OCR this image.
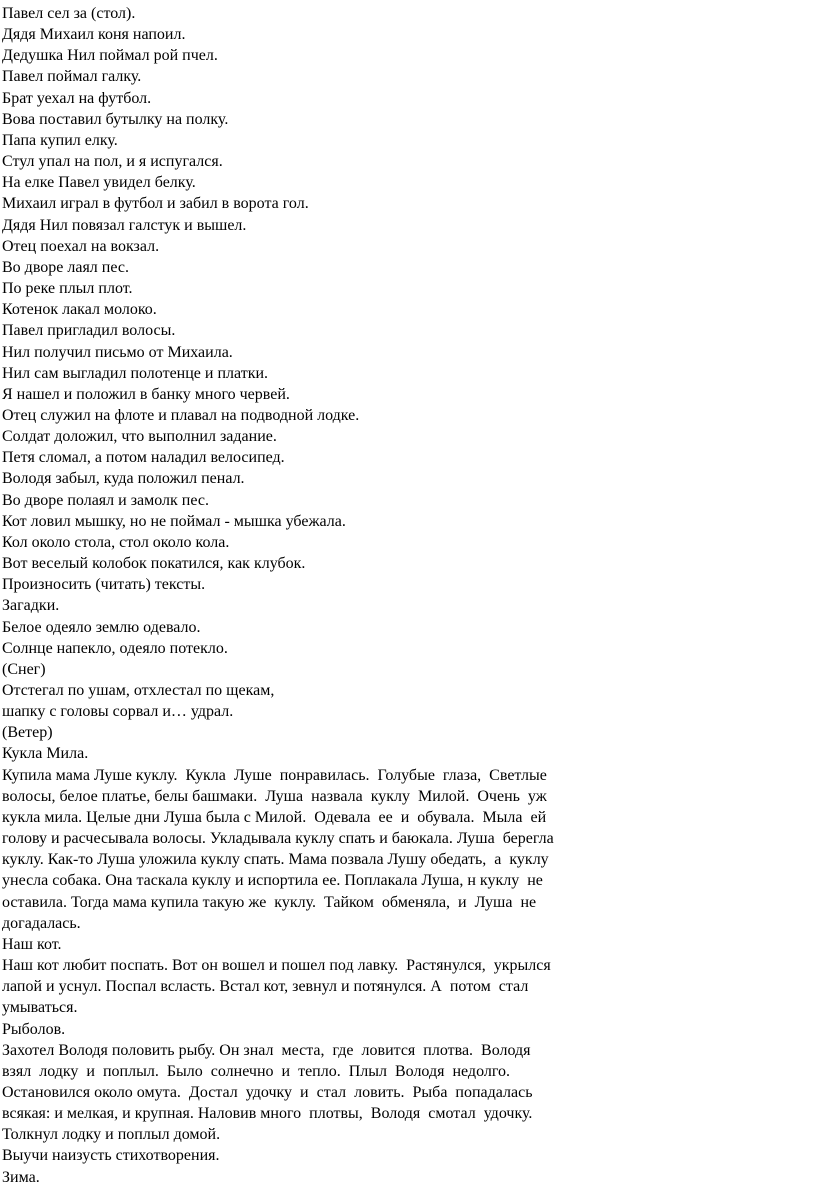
Павел сел за (стол).
Дядя Михаил коня напоил.
Дедушка Нил поймал рой пчел.
Павел поймал галку.
Брат уехал на футбол.
Вова поставил бутылку на полку.
Папа купил елку.
Стул упал на пол, и я испугался.
На елке Павел увидел белку.
Михаил играл в футбол и забил в ворота гол.
Дядя Нил повязал галстук и вышел.
Отец поехал на вокзал.
Во дворе лаял пес.
По реке плыл плот.
Котенок лакал молоко.
Павел пригладил волосы.
Нил получил письмо от Михаила.
Нил сам выгладил полотенце и платки.
Я нашел и положил в банку много червей.
Отец служил на флоте и плавал на подводной лодке.
Солдат доложил, что выполнил задание.
Петя сломал, а потом наладил велосипед.
Володя забыл, куда положил пенал.
Во дворе полаял и замолк пес.
Кот ловил мышку, но не поймал - мышка убежала.
Кол около стола, стол около кола.
Вот веселый колобок покатился, как клубок.
Произносить (читать) тексты.
Загадки.
Белое одеяло землю одевало.
Солнце напекло, одеяло потекло.
(Снег)
Отстегал по ушам, отхлестал по щекам,
шапку с головы сорвал и… удрал.
(Ветер)
Кукла Мила.
Купила мама Луше куклу.  Кукла  Луше  понравилась.  Голубые  глаза,  Светлые
волосы, белое платье, белы башмаки.  Луша  назвала  куклу  Милой.  Очень  уж
кукла мила. Целые дни Луша была с Милой.  Одевала  ее  и  обувала.  Мыла  ей
голову и расчесывала волосы. Укладывала куклу спать и баюкала. Луша  берегла
куклу. Как-то Луша уложила куклу спать. Мама позвала Лушу обедать,  а  куклу
унесла собака. Она таскала куклу и испортила ее. Поплакала Луша, н куклу  не
оставила. Тогда мама купила такую же  куклу.  Тайком  обменяла,  и  Луша  не
догадалась.
Наш кот.
Наш кот любит поспать. Вот он вошел и пошел под лавку.  Растянулся,  укрылся
лапой и уснул. Поспал всласть. Встал кот, зевнул и потянулся. А  потом  стал
умываться.
Рыболов.
Захотел Володя половить рыбу. Он знал  места,  где  ловится  плотва.  Володя
взял  лодку  и  поплыл.  Было  солнечно  и  тепло.  Плыл  Володя  недолго.
Остановился около омута.  Достал  удочку  и  стал  ловить.  Рыба  попадалась
всякая: и мелкая, и крупная. Наловив много  плотвы,  Володя  смотал  удочку.
Толкнул лодку и поплыл домой.
Выучи наизусть стихотворения.
Зима.
